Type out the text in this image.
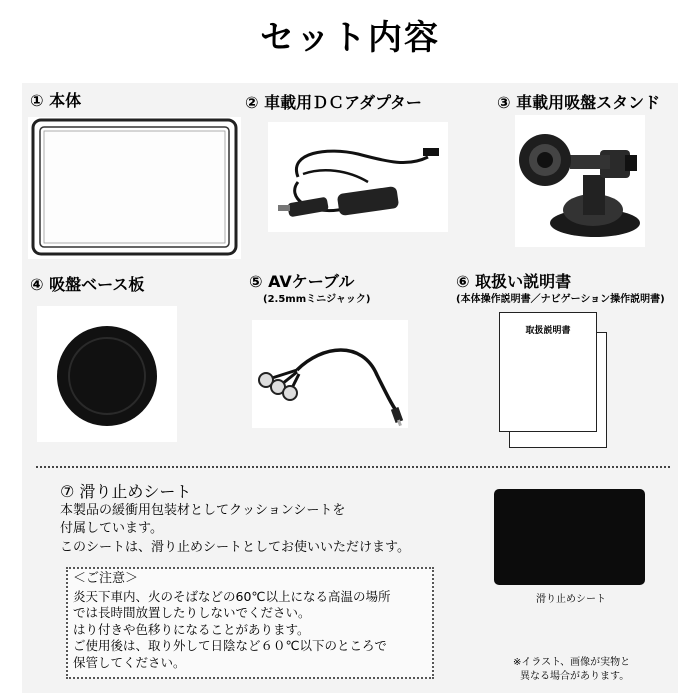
セット内容
① 本体	② 車載用ＤＣアダプター	③ 車載用吸盤スタンド
④ 吸盤ベース板	⑤ AVケーブル
(2.5mmミニジャック)
⑥ 取扱い説明書
(本体操作説明書／ナビゲーション操作説明書)
取扱説明書
⑦ 滑り止めシート
本製品の緩衝用包装材としてクッションシートを
付属しています。
このシートは、滑り止めシートとしてお使いいただけます。
滑り止めシート
＜ご注意＞
炎天下車内、火のそばなどの60℃以上になる高温の場所
では長時間放置したりしないでください。
はり付きや色移りになることがあります。
ご使用後は、取り外して日陰など６０℃以下のところで
保管してください。	※イラスト、画像が実物と
異なる場合があります。
